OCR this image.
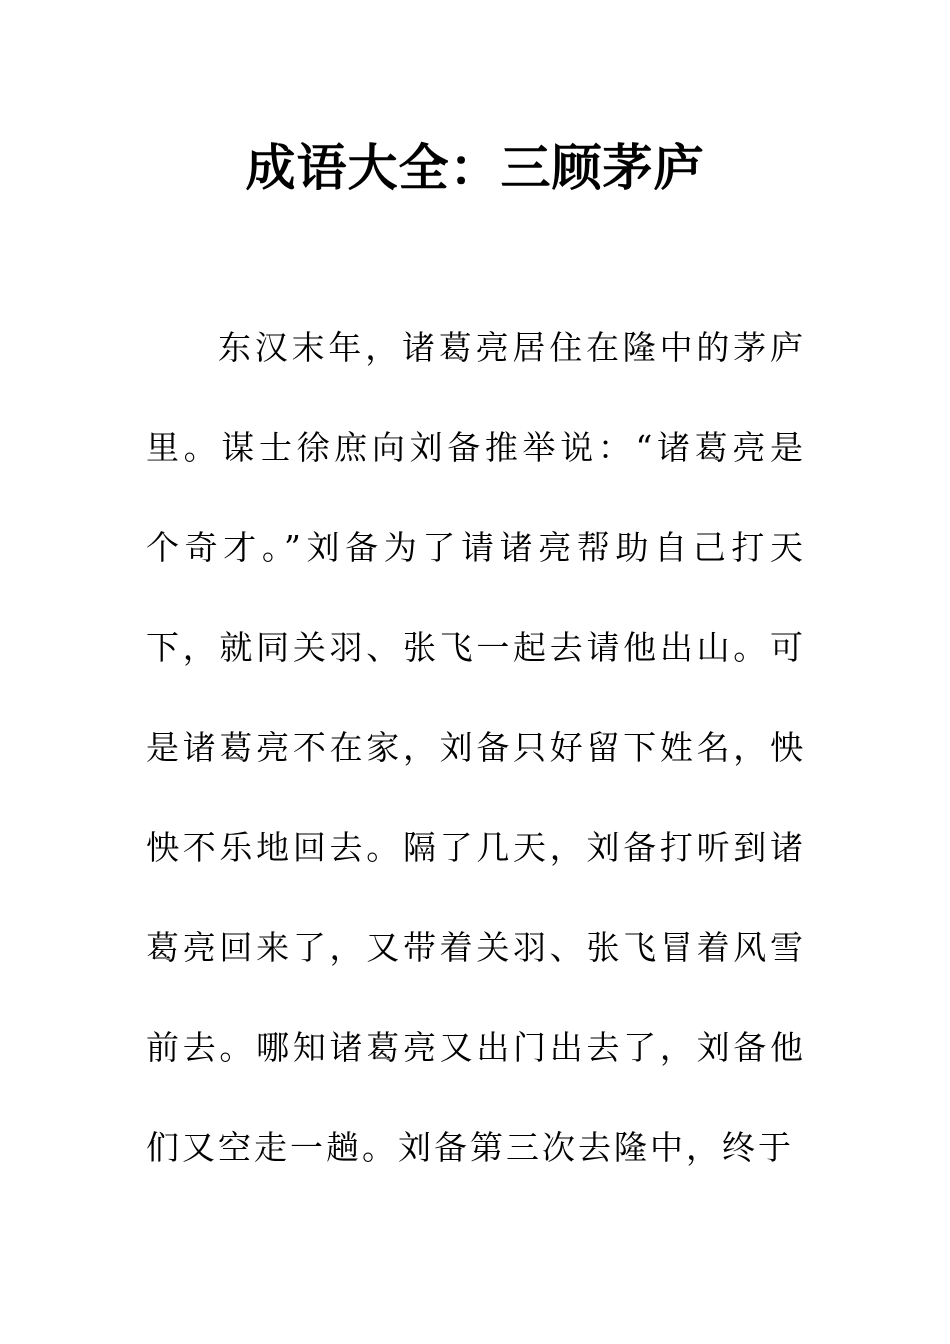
成语大全：三顾茅庐

东汉末年，诸葛亮居住在隆中的茅庐里。谋士徐庶向刘备推举说：“诸葛亮是个奇才。”刘备为了请诸亮帮助自己打天下，就同关羽、张飞一起去请他出山。可是诸葛亮不在家，刘备只好留下姓名，怏怏不乐地回去。隔了几天，刘备打听到诸葛亮回来了，又带着关羽、张飞冒着风雪前去。哪知诸葛亮又出门出去了，刘备他们又空走一趟。刘备第三次去隆中，终于
